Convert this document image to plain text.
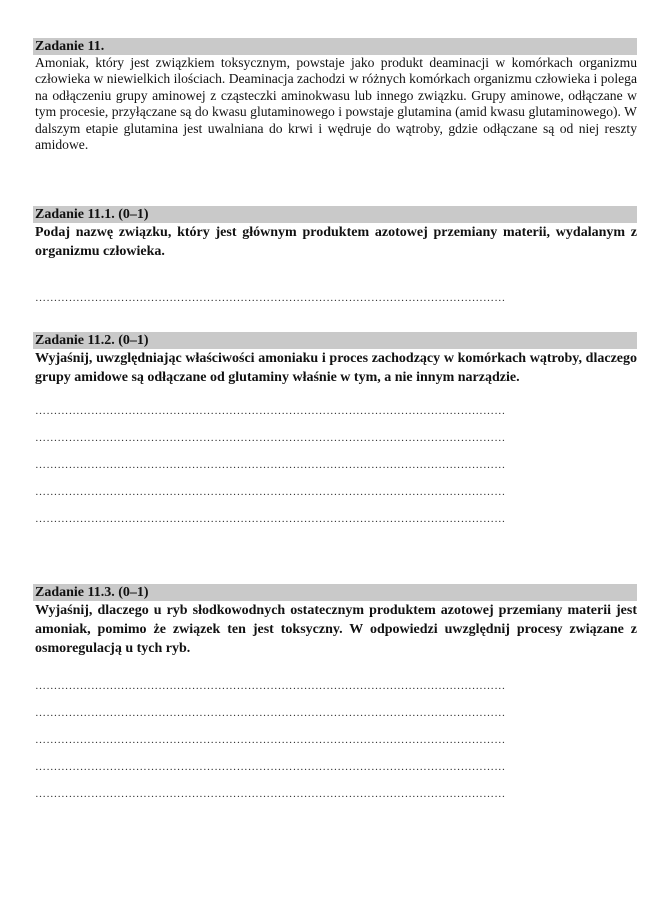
Zadanie 11.

Amoniak, który jest związkiem toksycznym, powstaje jako produkt deaminacji w komórkach organizmu człowieka w niewielkich ilościach. Deaminacja zachodzi w różnych komórkach organizmu człowieka i polega na odłączeniu grupy aminowej z cząsteczki aminokwasu lub innego związku. Grupy aminowe, odłączane w tym procesie, przyłączane są do kwasu glutaminowego i powstaje glutamina (amid kwasu glutaminowego). W dalszym etapie glutamina jest uwalniana do krwi i wędruje do wątroby, gdzie odłączane są od niej reszty amidowe.

Zadanie 11.1. (0–1)

Podaj nazwę związku, który jest głównym produktem azotowej przemiany materii, wydalanym z organizmu człowieka.

………………………………………………………………………………………………………………
Zadanie 11.2. (0–1)

Wyjaśnij, uwzględniając właściwości amoniaku i proces zachodzący w komórkach wątroby, dlaczego grupy amidowe są odłączane od glutaminy właśnie w tym, a nie innym narządzie.

………………………………………………………………………………………………………………
………………………………………………………………………………………………………………
………………………………………………………………………………………………………………
………………………………………………………………………………………………………………
………………………………………………………………………………………………………………
Zadanie 11.3. (0–1)

Wyjaśnij, dlaczego u ryb słodkowodnych ostatecznym produktem azotowej przemiany materii jest amoniak, pomimo że związek ten jest toksyczny. W odpowiedzi uwzględnij procesy związane z osmoregulacją u tych ryb.

………………………………………………………………………………………………………………
………………………………………………………………………………………………………………
………………………………………………………………………………………………………………
………………………………………………………………………………………………………………
………………………………………………………………………………………………………………
